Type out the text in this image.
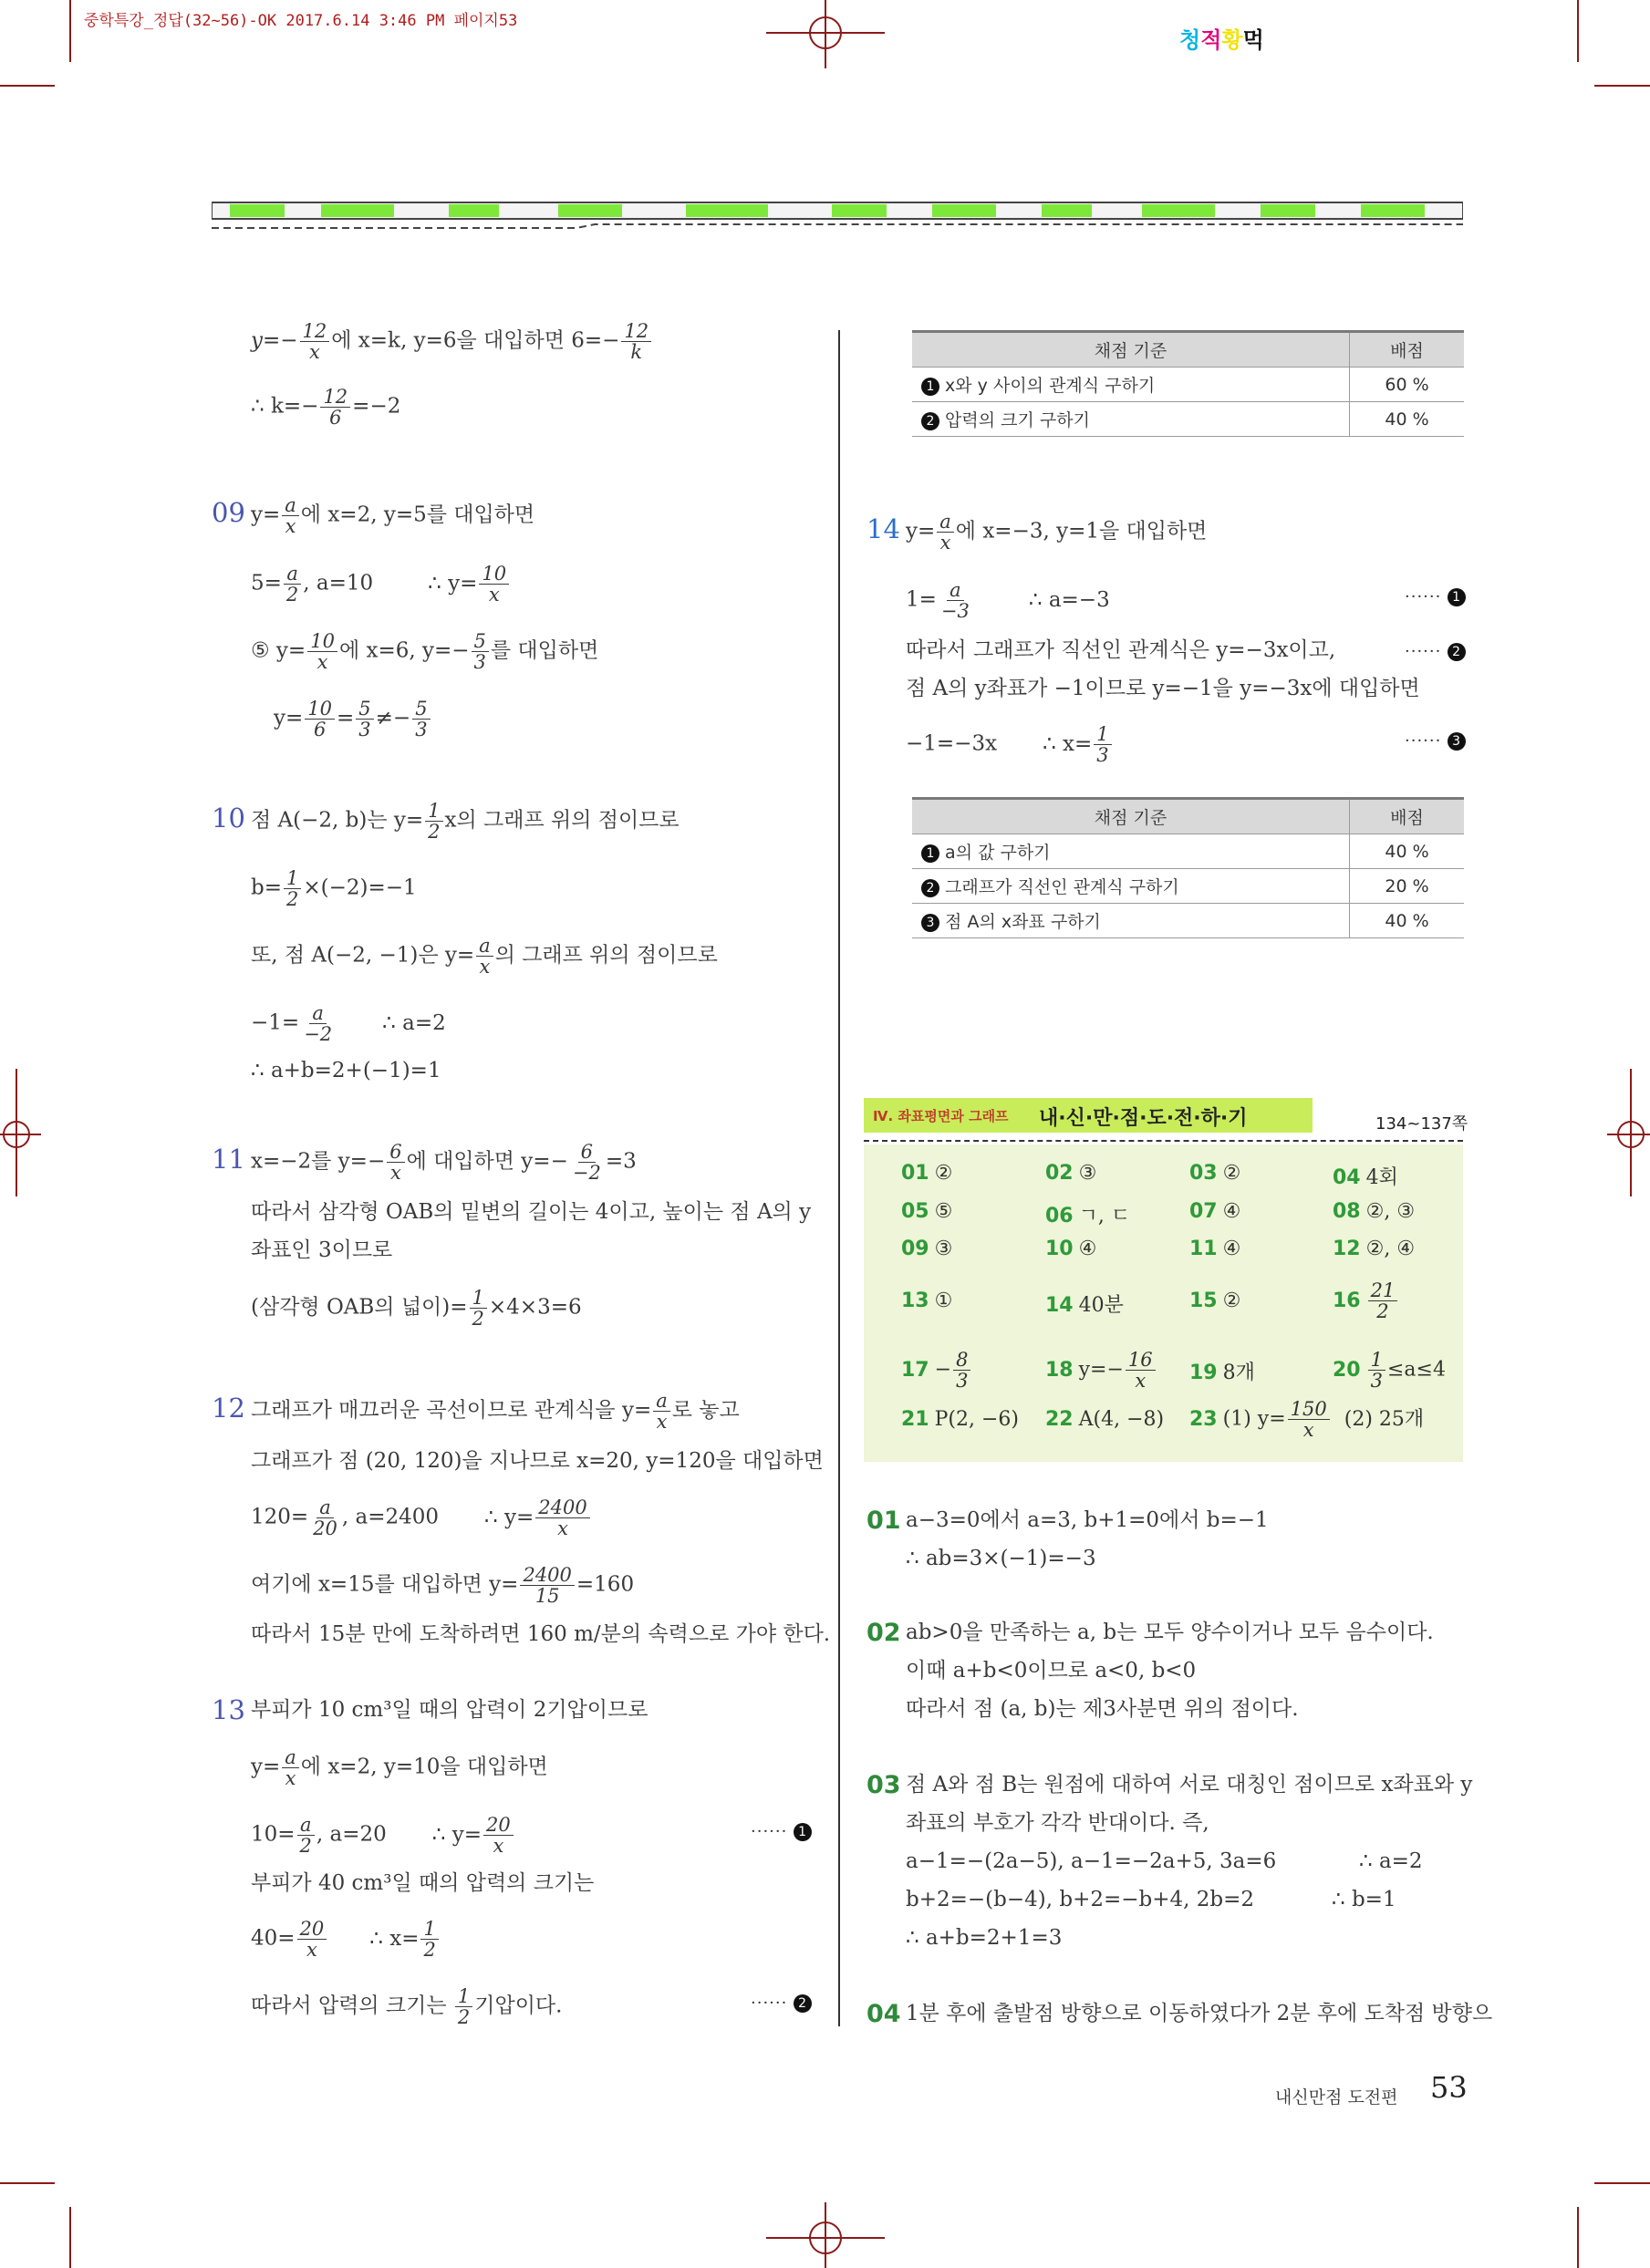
중학특강_정답(32~56)-OK 2017.6.14 3:46 PM 페이지53
청적황먹
$y=- \frac{12}{x}$ 에 x=k, y=6을 대입하면 $6=- \frac{12}{k}$
∴ $k=- \frac{12}{6} =-2$
09 $y= \frac{a}{x}$ 에 x=2, y=5를 대입하면
$5= \frac{a}{2}$ , a=10	∴ $y= \frac{10}{x}$
⑤ $y= \frac{10}{x}$ 에 x=6, $y=- \frac{5}{3}$ 를 대입하면
$y= \frac{10}{6} = \frac{5}{3} \ne- \frac{5}{3}$
10 점 A(−2, b)는 $y= \frac{1}{2}$ x의 그래프 위의 점이므로
$b= \frac{1}{2} \times(-2)=-1$
또, 점 A(−2, −1)은 $y= \frac{a}{x}$ 의 그래프 위의 점이므로
$-1= \frac{a}{-2}$ ∴ a=2
∴ a+b=2+(−1)=1
11 x=−2를 $y=- \frac{6}{x}$ 에 대입하면 $y=- \frac{6}{-2} =3$
따라서 삼각형 OAB의 밑변의 길이는 4이고, 높이는 점 A의 y
좌표인 3이므로
(삼각형 OAB의 넓이)= $\frac{1}{2} \times 4\times 3=6$
12 그래프가 매끄러운 곡선이므로 관계식을 $y= \frac{a}{x}$ 로 놓고
그래프가 점 (20, 120)을 지나므로 x=20, y=120을 대입하면
$120= \frac{a}{20}$ , a=2400 ∴ $y= \frac{2400}{x}$
여기에 x=15를 대입하면 $y= \frac{2400}{15} =160$
따라서 15분 만에 도착하려면 160 m/분의 속력으로 가야 한다.
13 부피가 10 cm³일 때의 압력이 2기압이므로
$y= \frac{a}{x}$ 에 x=2, y=10을 대입하면
$10= \frac{a}{2}$ , a=20 ∴ $y= \frac{20}{x}$	······ 1
부피가 40 cm³일 때의 압력의 크기는
$40= \frac{20}{x}$ ∴ $x= \frac{1}{2}$
따라서 압력의 크기는 $\frac{1}{2}$ 기압이다.	······ 2
채점 기준	배점
1 x와 y 사이의 관계식 구하기	60 %
2 압력의 크기 구하기	40 %
14 $y= \frac{a}{x}$ 에 x=−3, y=1을 대입하면
$1= \frac{a}{-3}$	∴ a=−3	······ 1
따라서 그래프가 직선인 관계식은 y=−3x이고,	······ 2
점 A의 y좌표가 −1이므로 y=−1을 y=−3x에 대입하면
−1=−3x ∴ $x= \frac{1}{3}$	······ 3
채점 기준	배점
1 a의 값 구하기	40 %
2 그래프가 직선인 관계식 구하기	20 %
3 점 A의 x좌표 구하기	40 %
Ⅳ. 좌표평면과 그래프 내·신·만·점·도·전·하·기	134~137쪽
01 ②	02 ③	03 ②	04 4회
05 ⑤	06 ㄱ, ㄷ	07 ④	08 ②, ③
09 ③	10 ④	11 ④	12 ②, ④
13 ①	14 40분	15 ②	$16 \frac{21}{2}$
$17 - \frac{8}{3}$	18 $y=- \frac{16}{x} 19$ 8개	$20 \frac{1}{3} \le a\le 4$
21 P(2, −6) 22 A(4, −8) 23 (1) $y= \frac{150}{x} (2)$ 25개
01 a−3=0에서 a=3, b+1=0에서 b=−1
∴ ab=3×(−1)=−3
02 ab>0을 만족하는 a, b는 모두 양수이거나 모두 음수이다.
이때 a+b<0이므로 a<0, b<0
따라서 점 (a, b)는 제3사분면 위의 점이다.
03 점 A와 점 B는 원점에 대하여 서로 대칭인 점이므로 x좌표와 y
좌표의 부호가 각각 반대이다. 즉,
a−1=−(2a−5), a−1=−2a+5, 3a=6	∴ a=2
b+2=−(b−4), b+2=−b+4, 2b=2	∴ b=1
∴ a+b=2+1=3
04 1분 후에 출발점 방향으로 이동하였다가 2분 후에 도착점 방향으
내신만점 도전편 53
